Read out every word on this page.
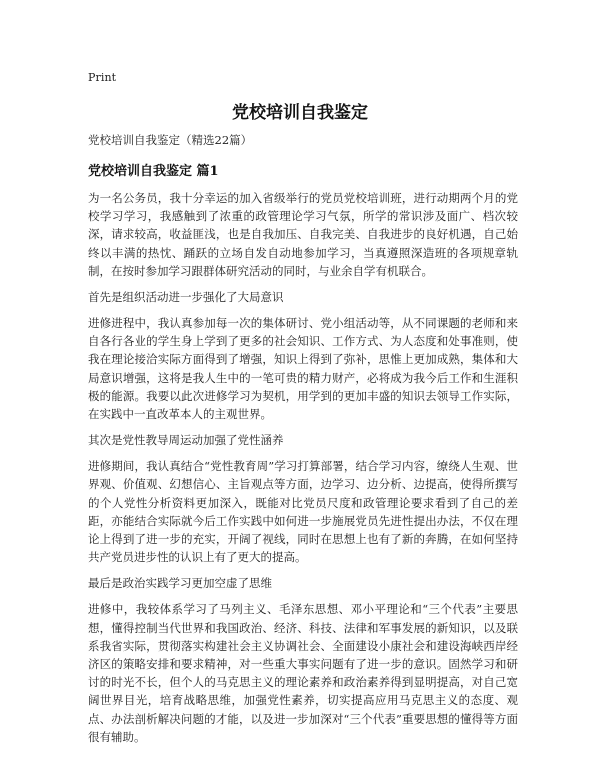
Print
党校培训自我鉴定

党校培训自我鉴定（精选22篇）

党校培训自我鉴定 篇1

为一名公务员，我十分幸运的加入省级举行的党员党校培训班，进行动期两个月的党校学习学习，我感触到了浓重的政管理论学习气氛，所学的常识涉及面广、档次较深，请求较高，收益匪浅，也是自我加压、自我完美、自我进步的良好机遇，自己始终以丰满的热忱、踊跃的立场自发自动地参加学习，当真遵照深造班的各项规章轨制，在按时参加学习跟群体研究活动的同时，与业余自学有机联合。

首先是组织活动进一步强化了大局意识

进修进程中，我认真参加每一次的集体研讨、党小组活动等，从不同课题的老师和来自各行各业的学生身上学到了更多的社会知识、工作方式、为人态度和处事准则，使我在理论接洽实际方面得到了增强，知识上得到了弥补，思惟上更加成熟，集体和大局意识增强，这将是我人生中的一笔可贵的精力财产，必将成为我今后工作和生涯积极的能源。我要以此次进修学习为契机，用学到的更加丰盛的知识去领导工作实际，在实践中一直改革本人的主观世界。

其次是党性教导周运动加强了党性涵养

进修期间，我认真结合“党性教育周”学习打算部署，结合学习内容，缭绕人生观、世界观、价值观、幻想信心、主旨观点等方面，边学习、边分析、边提高，使得所撰写的个人党性分析资料更加深入，既能对比党员尺度和政管理论要求看到了自己的差距，亦能结合实际就今后工作实践中如何进一步施展党员先进性提出办法，不仅在理论上得到了进一步的充实，开阔了视线，同时在思想上也有了新的奔腾，在如何坚持共产党员进步性的认识上有了更大的提高。

最后是政治实践学习更加空虚了思维

进修中，我较体系学习了马列主义、毛泽东思想、邓小平理论和“三个代表”主要思想，懂得控制当代世界和我国政治、经济、科技、法律和军事发展的新知识，以及联系我省实际，贯彻落实构建社会主义协调社会、全面建设小康社会和建设海峡西岸经济区的策略安排和要求精神，对一些重大事实问题有了进一步的意识。固然学习和研讨的时光不长，但个人的马克思主义的理论素养和政治素养得到显明提高，对自己宽阔世界目光，培育战略思维，加强党性素养，切实提高应用马克思主义的态度、观点、办法剖析解决问题的才能，以及进一步加深对“三个代表”重要思想的懂得等方面很有辅助。
